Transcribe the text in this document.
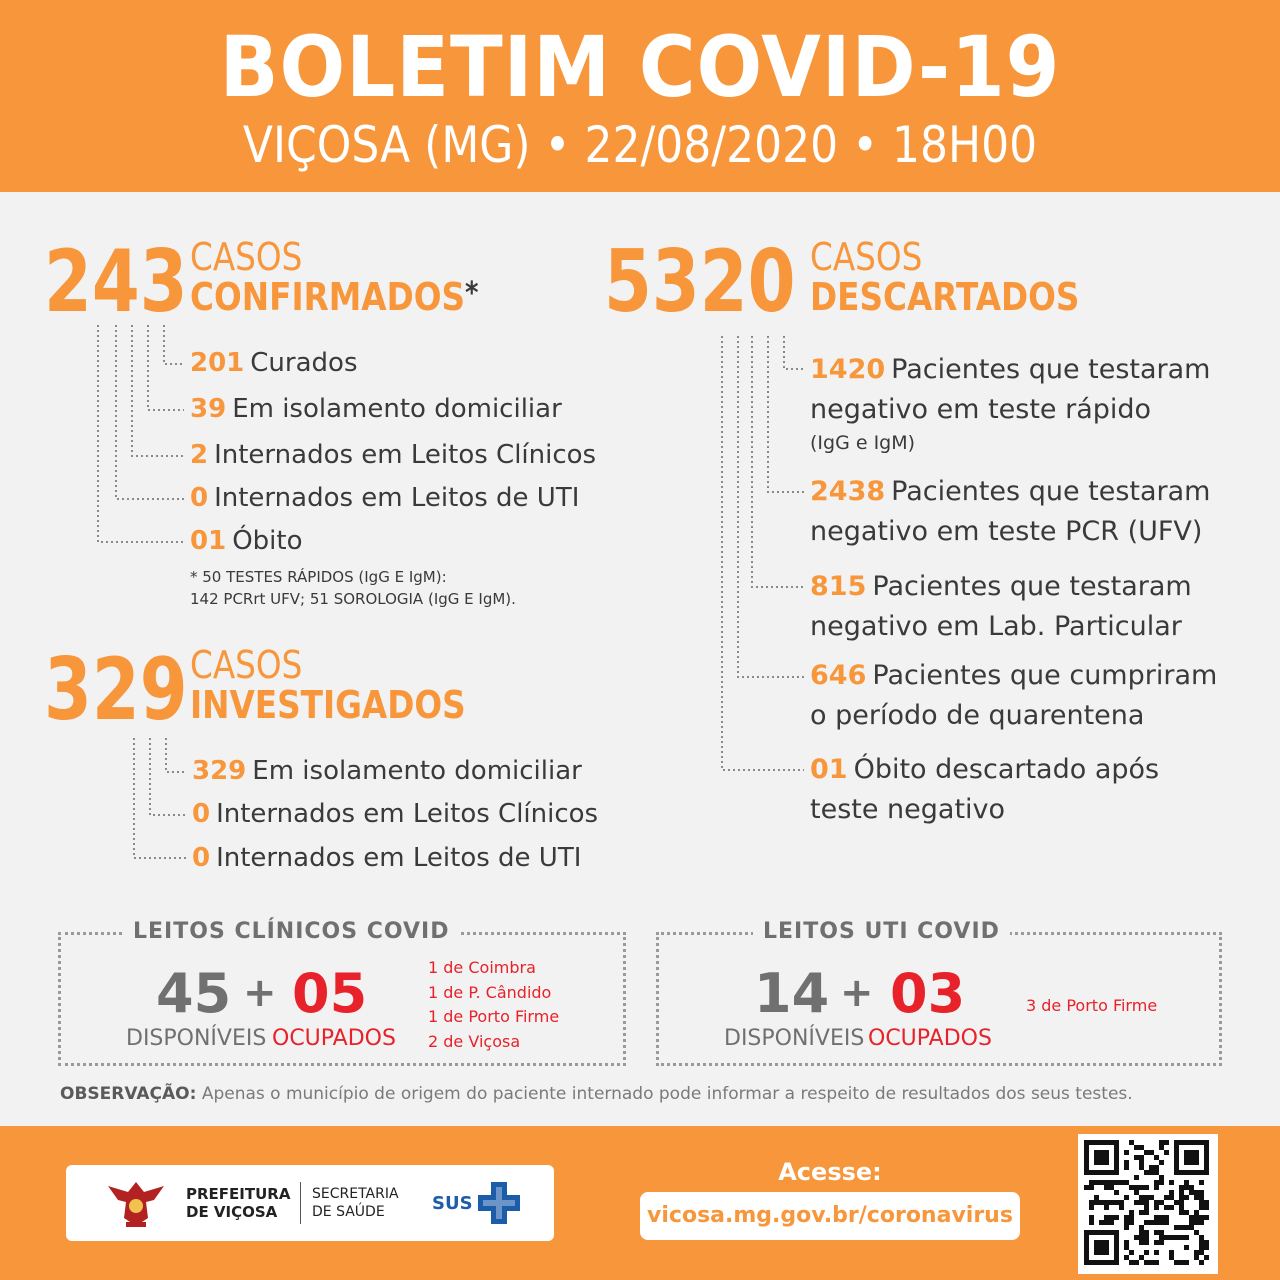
BOLETIM COVID-19
VIÇOSA (MG) • 22/08/2020 • 18H00
243 CASOS
CONFIRMADOS*
201 Curados
39 Em isolamento domiciliar
2 Internados em Leitos Clínicos
0 Internados em Leitos de UTI
01 Óbito
* 50 TESTES RÁPIDOS (IgG E IgM):
142 PCRrt UFV; 51 SOROLOGIA (IgG E IgM).
329 CASOS
INVESTIGADOS
329 Em isolamento domiciliar
0 Internados em Leitos Clínicos
0 Internados em Leitos de UTI
5320 CASOS
DESCARTADOS
1420 Pacientes que testaram
negativo em teste rápido
(IgG e IgM)
2438 Pacientes que testaram
negativo em teste PCR (UFV)
815 Pacientes que testaram
negativo em Lab. Particular
646 Pacientes que cumpriram
o período de quarentena
01 Óbito descartado após
teste negativo
LEITOS CLÍNICOS COVID
45 + 05
DISPONÍVEIS OCUPADOS
1 de Coimbra
1 de P. Cândido
1 de Porto Firme
2 de Viçosa
LEITOS UTI COVID
14 + 03
DISPONÍVEIS OCUPADOS
3 de Porto Firme
OBSERVAÇÃO: Apenas o município de origem do paciente internado pode informar a respeito de resultados dos seus testes.
PREFEITURA
DE VIÇOSA
SECRETARIA
DE SAÚDE	SUS
Acesse:
vicosa.mg.gov.br/coronavirus
